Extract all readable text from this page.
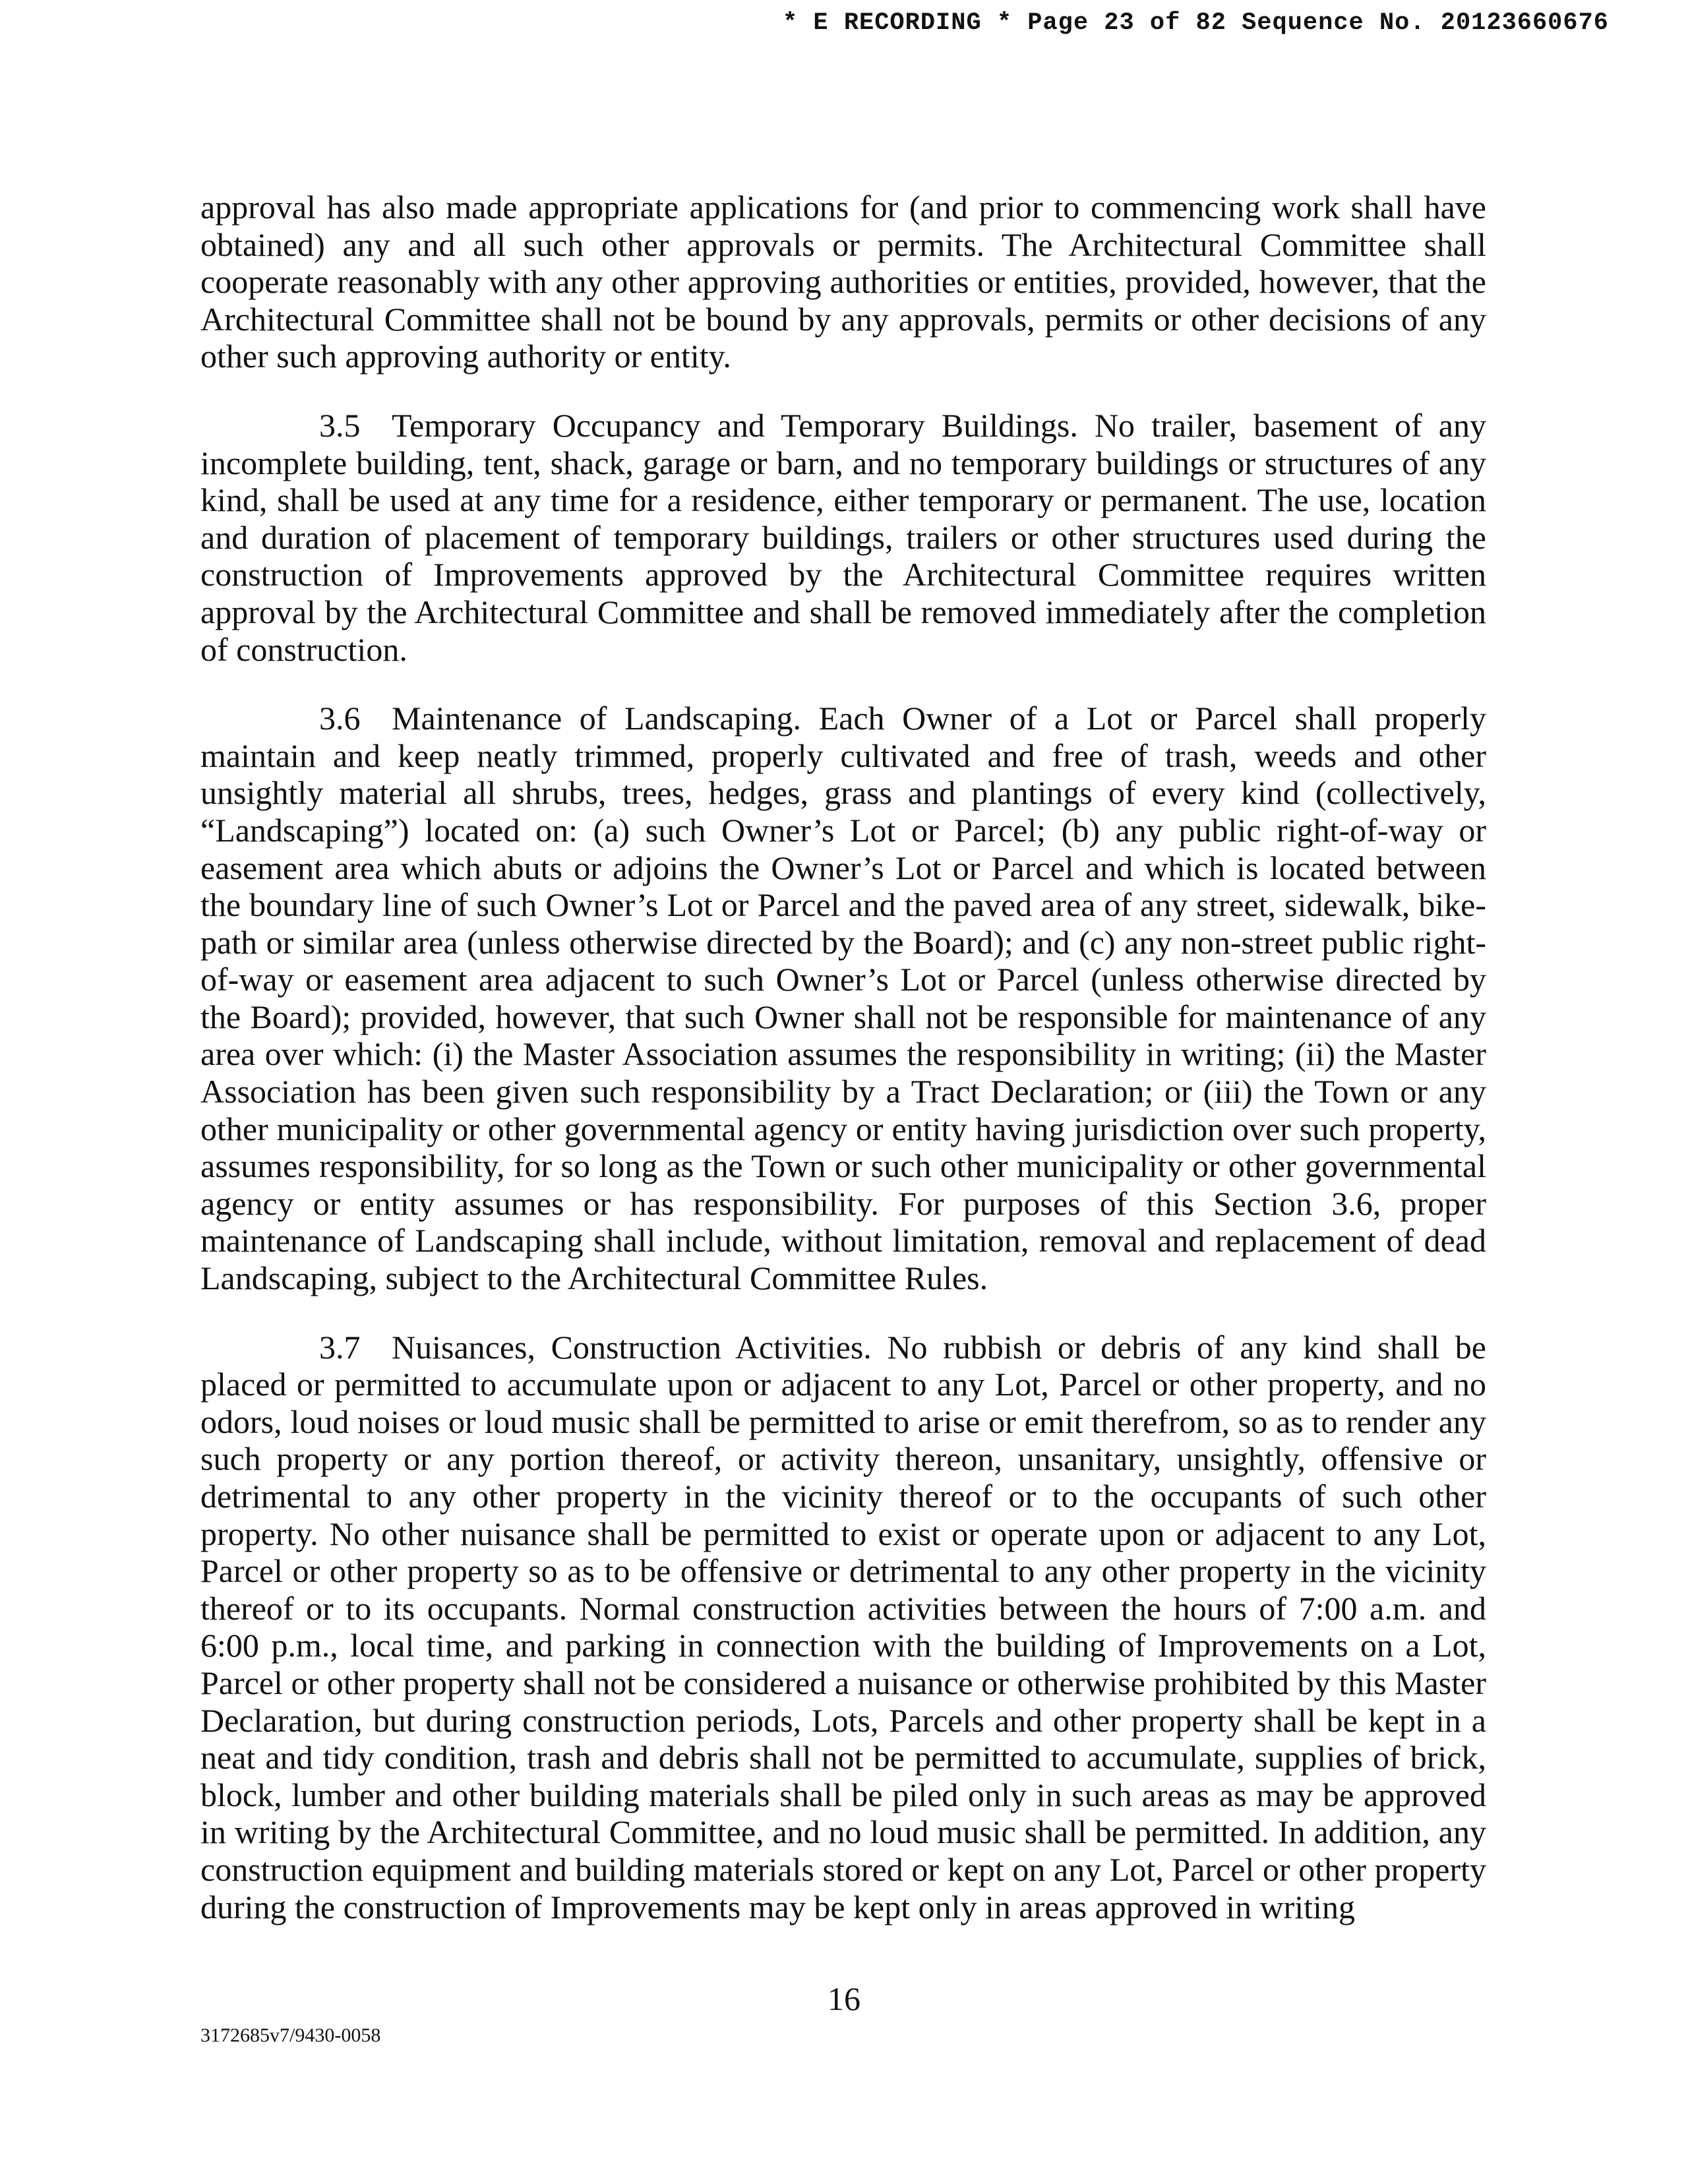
* E RECORDING * Page 23 of 82 Sequence No. 20123660676

approval has also made appropriate applications for (and prior to commencing work shall have obtained) any and all such other approvals or permits. The Architectural Committee shall cooperate reasonably with any other approving authorities or entities, provided, however, that the Architectural Committee shall not be bound by any approvals, permits or other decisions of any other such approving authority or entity.

3.5 Temporary Occupancy and Temporary Buildings. No trailer, basement of any incomplete building, tent, shack, garage or barn, and no temporary buildings or structures of any kind, shall be used at any time for a residence, either temporary or permanent. The use, location and duration of placement of temporary buildings, trailers or other structures used during the construction of Improvements approved by the Architectural Committee requires written approval by the Architectural Committee and shall be removed immediately after the completion of construction.

3.6 Maintenance of Landscaping. Each Owner of a Lot or Parcel shall properly maintain and keep neatly trimmed, properly cultivated and free of trash, weeds and other unsightly material all shrubs, trees, hedges, grass and plantings of every kind (collectively, “Landscaping”) located on: (a) such Owner’s Lot or Parcel; (b) any public right-of-way or easement area which abuts or adjoins the Owner’s Lot or Parcel and which is located between the boundary line of such Owner’s Lot or Parcel and the paved area of any street, sidewalk, bike-path or similar area (unless otherwise directed by the Board); and (c) any non-street public right-of-way or easement area adjacent to such Owner’s Lot or Parcel (unless otherwise directed by the Board); provided, however, that such Owner shall not be responsible for maintenance of any area over which: (i) the Master Association assumes the responsibility in writing; (ii) the Master Association has been given such responsibility by a Tract Declaration; or (iii) the Town or any other municipality or other governmental agency or entity having jurisdiction over such property, assumes responsibility, for so long as the Town or such other municipality or other governmental agency or entity assumes or has responsibility. For purposes of this Section 3.6, proper maintenance of Landscaping shall include, without limitation, removal and replacement of dead Landscaping, subject to the Architectural Committee Rules.

3.7 Nuisances, Construction Activities. No rubbish or debris of any kind shall be placed or permitted to accumulate upon or adjacent to any Lot, Parcel or other property, and no odors, loud noises or loud music shall be permitted to arise or emit therefrom, so as to render any such property or any portion thereof, or activity thereon, unsanitary, unsightly, offensive or detrimental to any other property in the vicinity thereof or to the occupants of such other property. No other nuisance shall be permitted to exist or operate upon or adjacent to any Lot, Parcel or other property so as to be offensive or detrimental to any other property in the vicinity thereof or to its occupants. Normal construction activities between the hours of 7:00 a.m. and 6:00 p.m., local time, and parking in connection with the building of Improvements on a Lot, Parcel or other property shall not be considered a nuisance or otherwise prohibited by this Master Declaration, but during construction periods, Lots, Parcels and other property shall be kept in a neat and tidy condition, trash and debris shall not be permitted to accumulate, supplies of brick, block, lumber and other building materials shall be piled only in such areas as may be approved in writing by the Architectural Committee, and no loud music shall be permitted. In addition, any construction equipment and building materials stored or kept on any Lot, Parcel or other property during the construction of Improvements may be kept only in areas approved in writing

16
3172685v7/9430-0058
